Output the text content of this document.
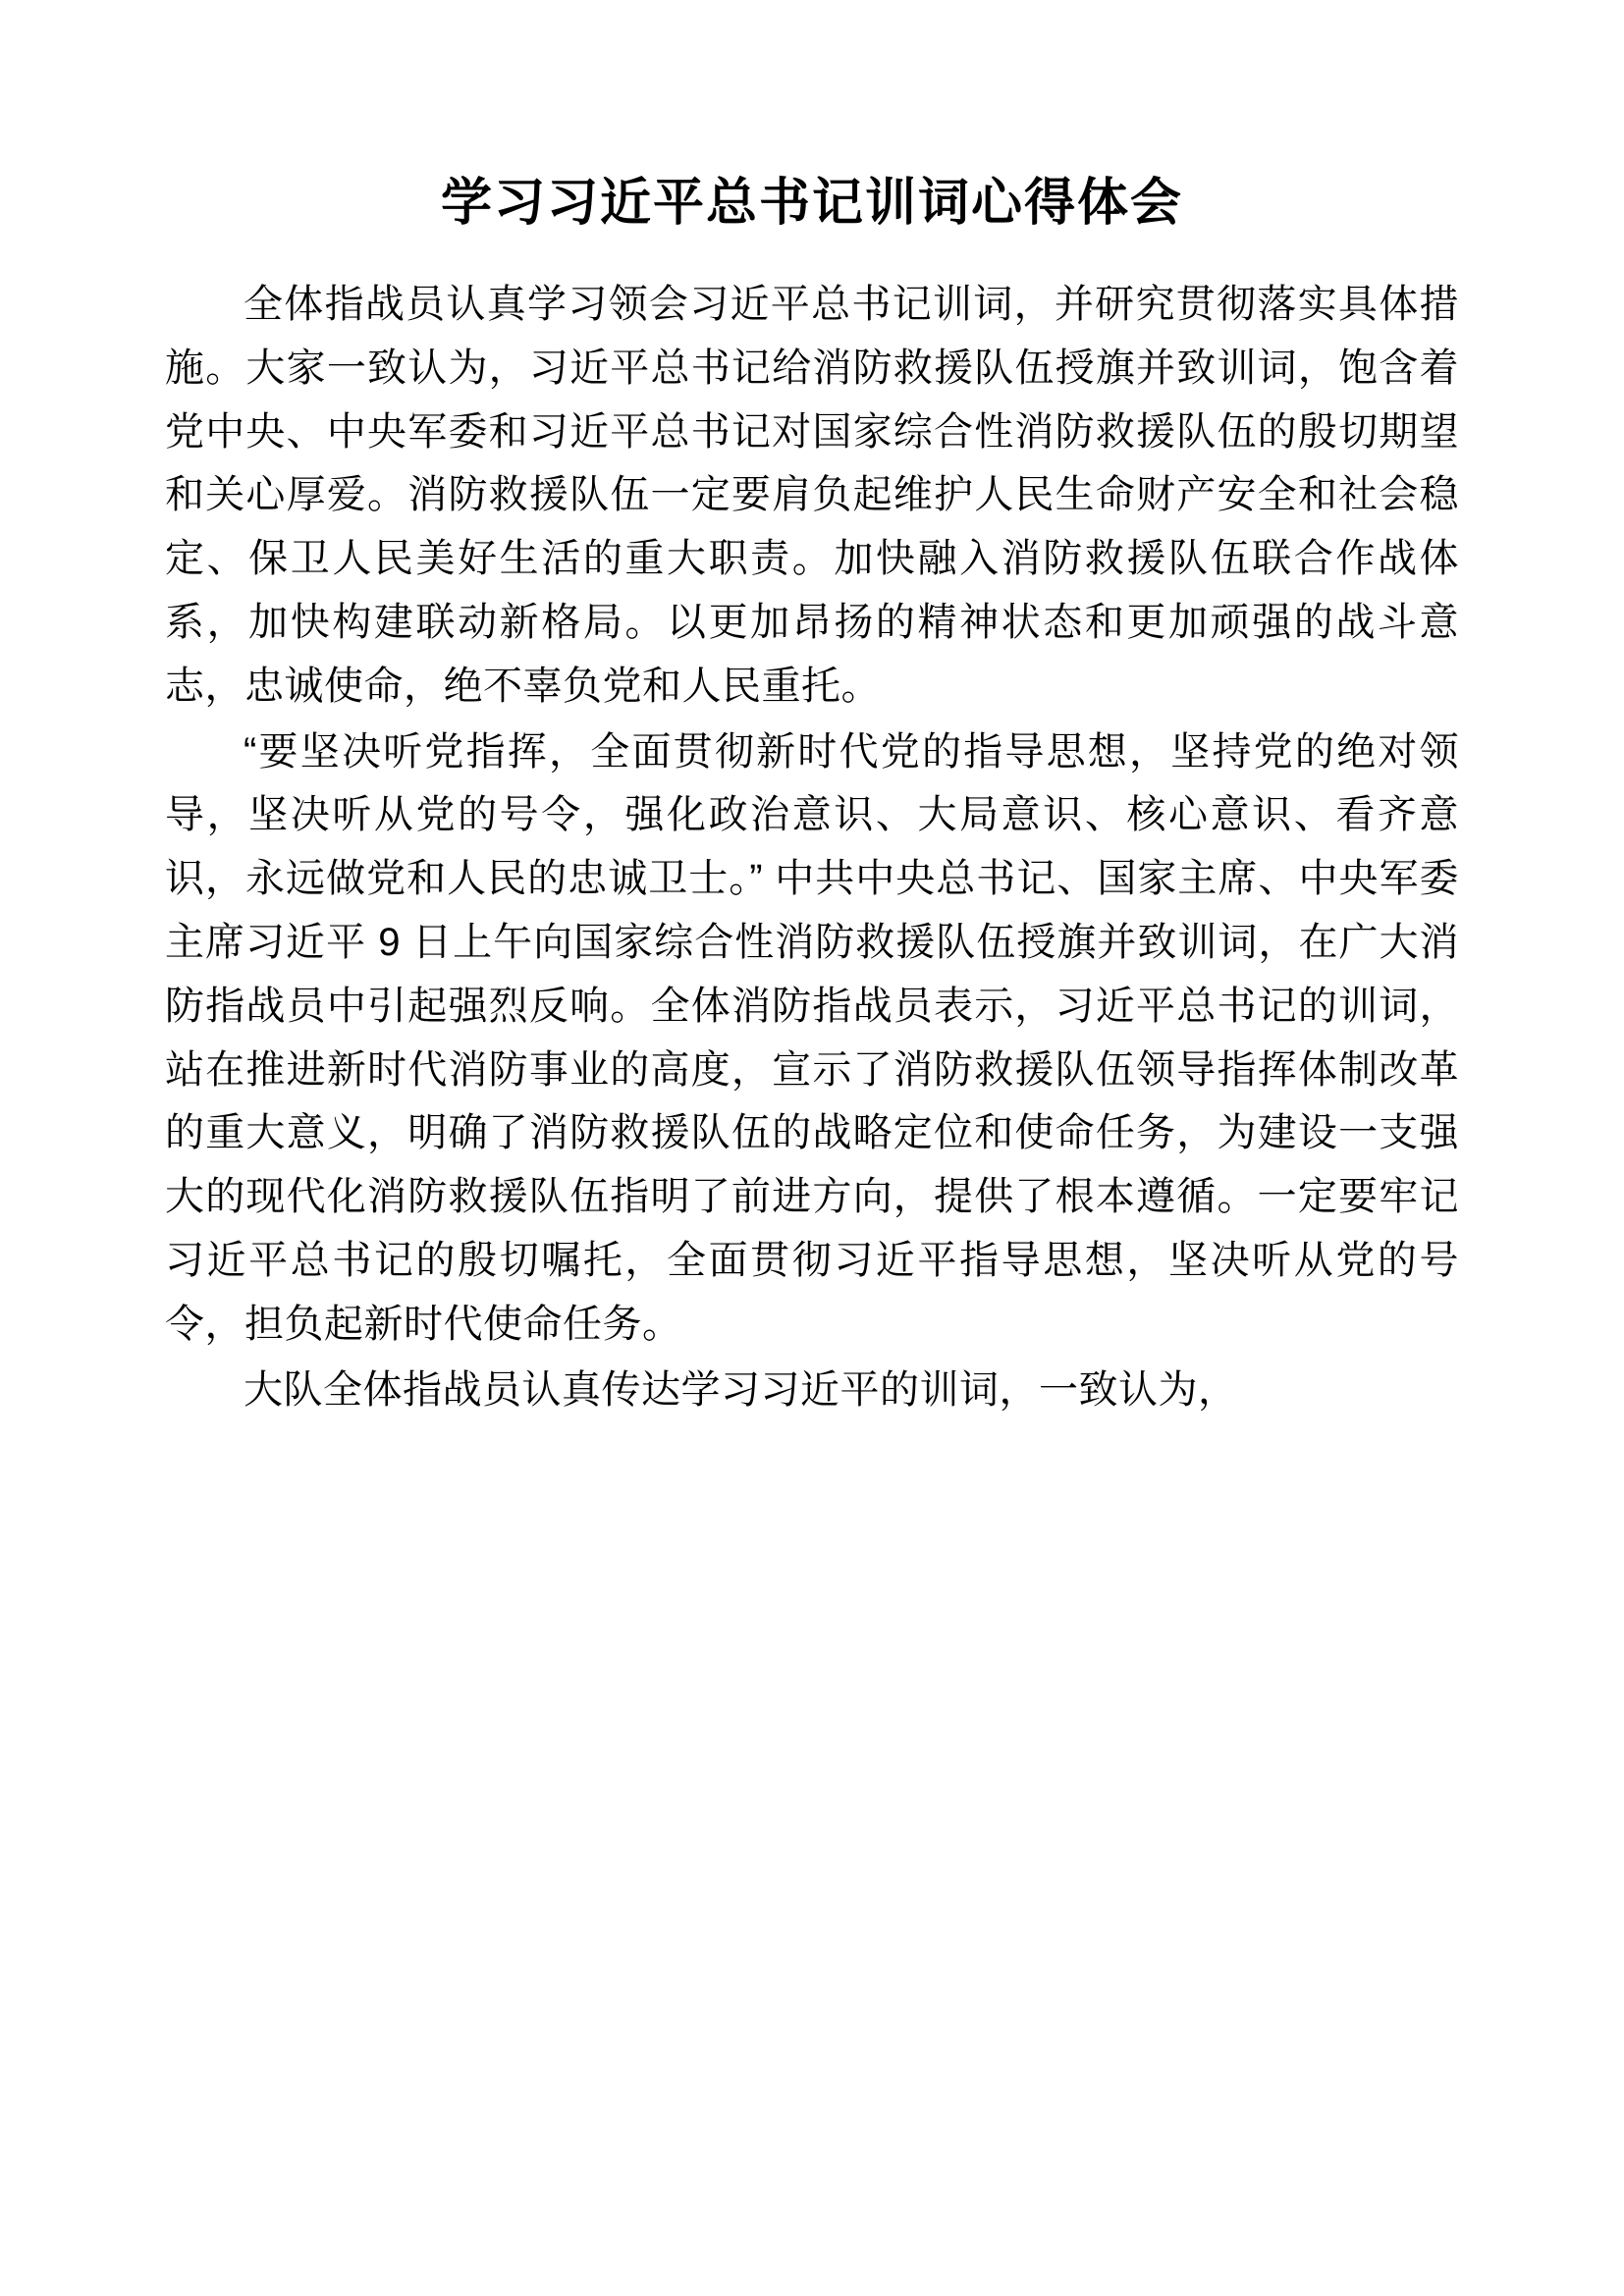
学习习近平总书记训词心得体会

全体指战员认真学习领会习近平总书记训词，并研究贯彻落实具体措施。大家一致认为，习近平总书记给消防救援队伍授旗并致训词，饱含着党中央、中央军委和习近平总书记对国家综合性消防救援队伍的殷切期望和关心厚爱。消防救援队伍一定要肩负起维护人民生命财产安全和社会稳定、保卫人民美好生活的重大职责。加快融入消防救援队伍联合作战体系，加快构建联动新格局。以更加昂扬的精神状态和更加顽强的战斗意志，忠诚使命，绝不辜负党和人民重托。

“要坚决听党指挥，全面贯彻新时代党的指导思想，坚持党的绝对领导，坚决听从党的号令，强化政治意识、大局意识、核心意识、看齐意识，永远做党和人民的忠诚卫士。” 中共中央总书记、国家主席、中央军委主席习近平 9 日上午向国家综合性消防救援队伍授旗并致训词，在广大消防指战员中引起强烈反响。全体消防指战员表示，习近平总书记的训词，站在推进新时代消防事业的高度，宣示了消防救援队伍领导指挥体制改革的重大意义，明确了消防救援队伍的战略定位和使命任务，为建设一支强大的现代化消防救援队伍指明了前进方向，提供了根本遵循。一定要牢记习近平总书记的殷切嘱托，全面贯彻习近平指导思想，坚决听从党的号令，担负起新时代使命任务。

大队全体指战员认真传达学习习近平的训词，一致认为，
